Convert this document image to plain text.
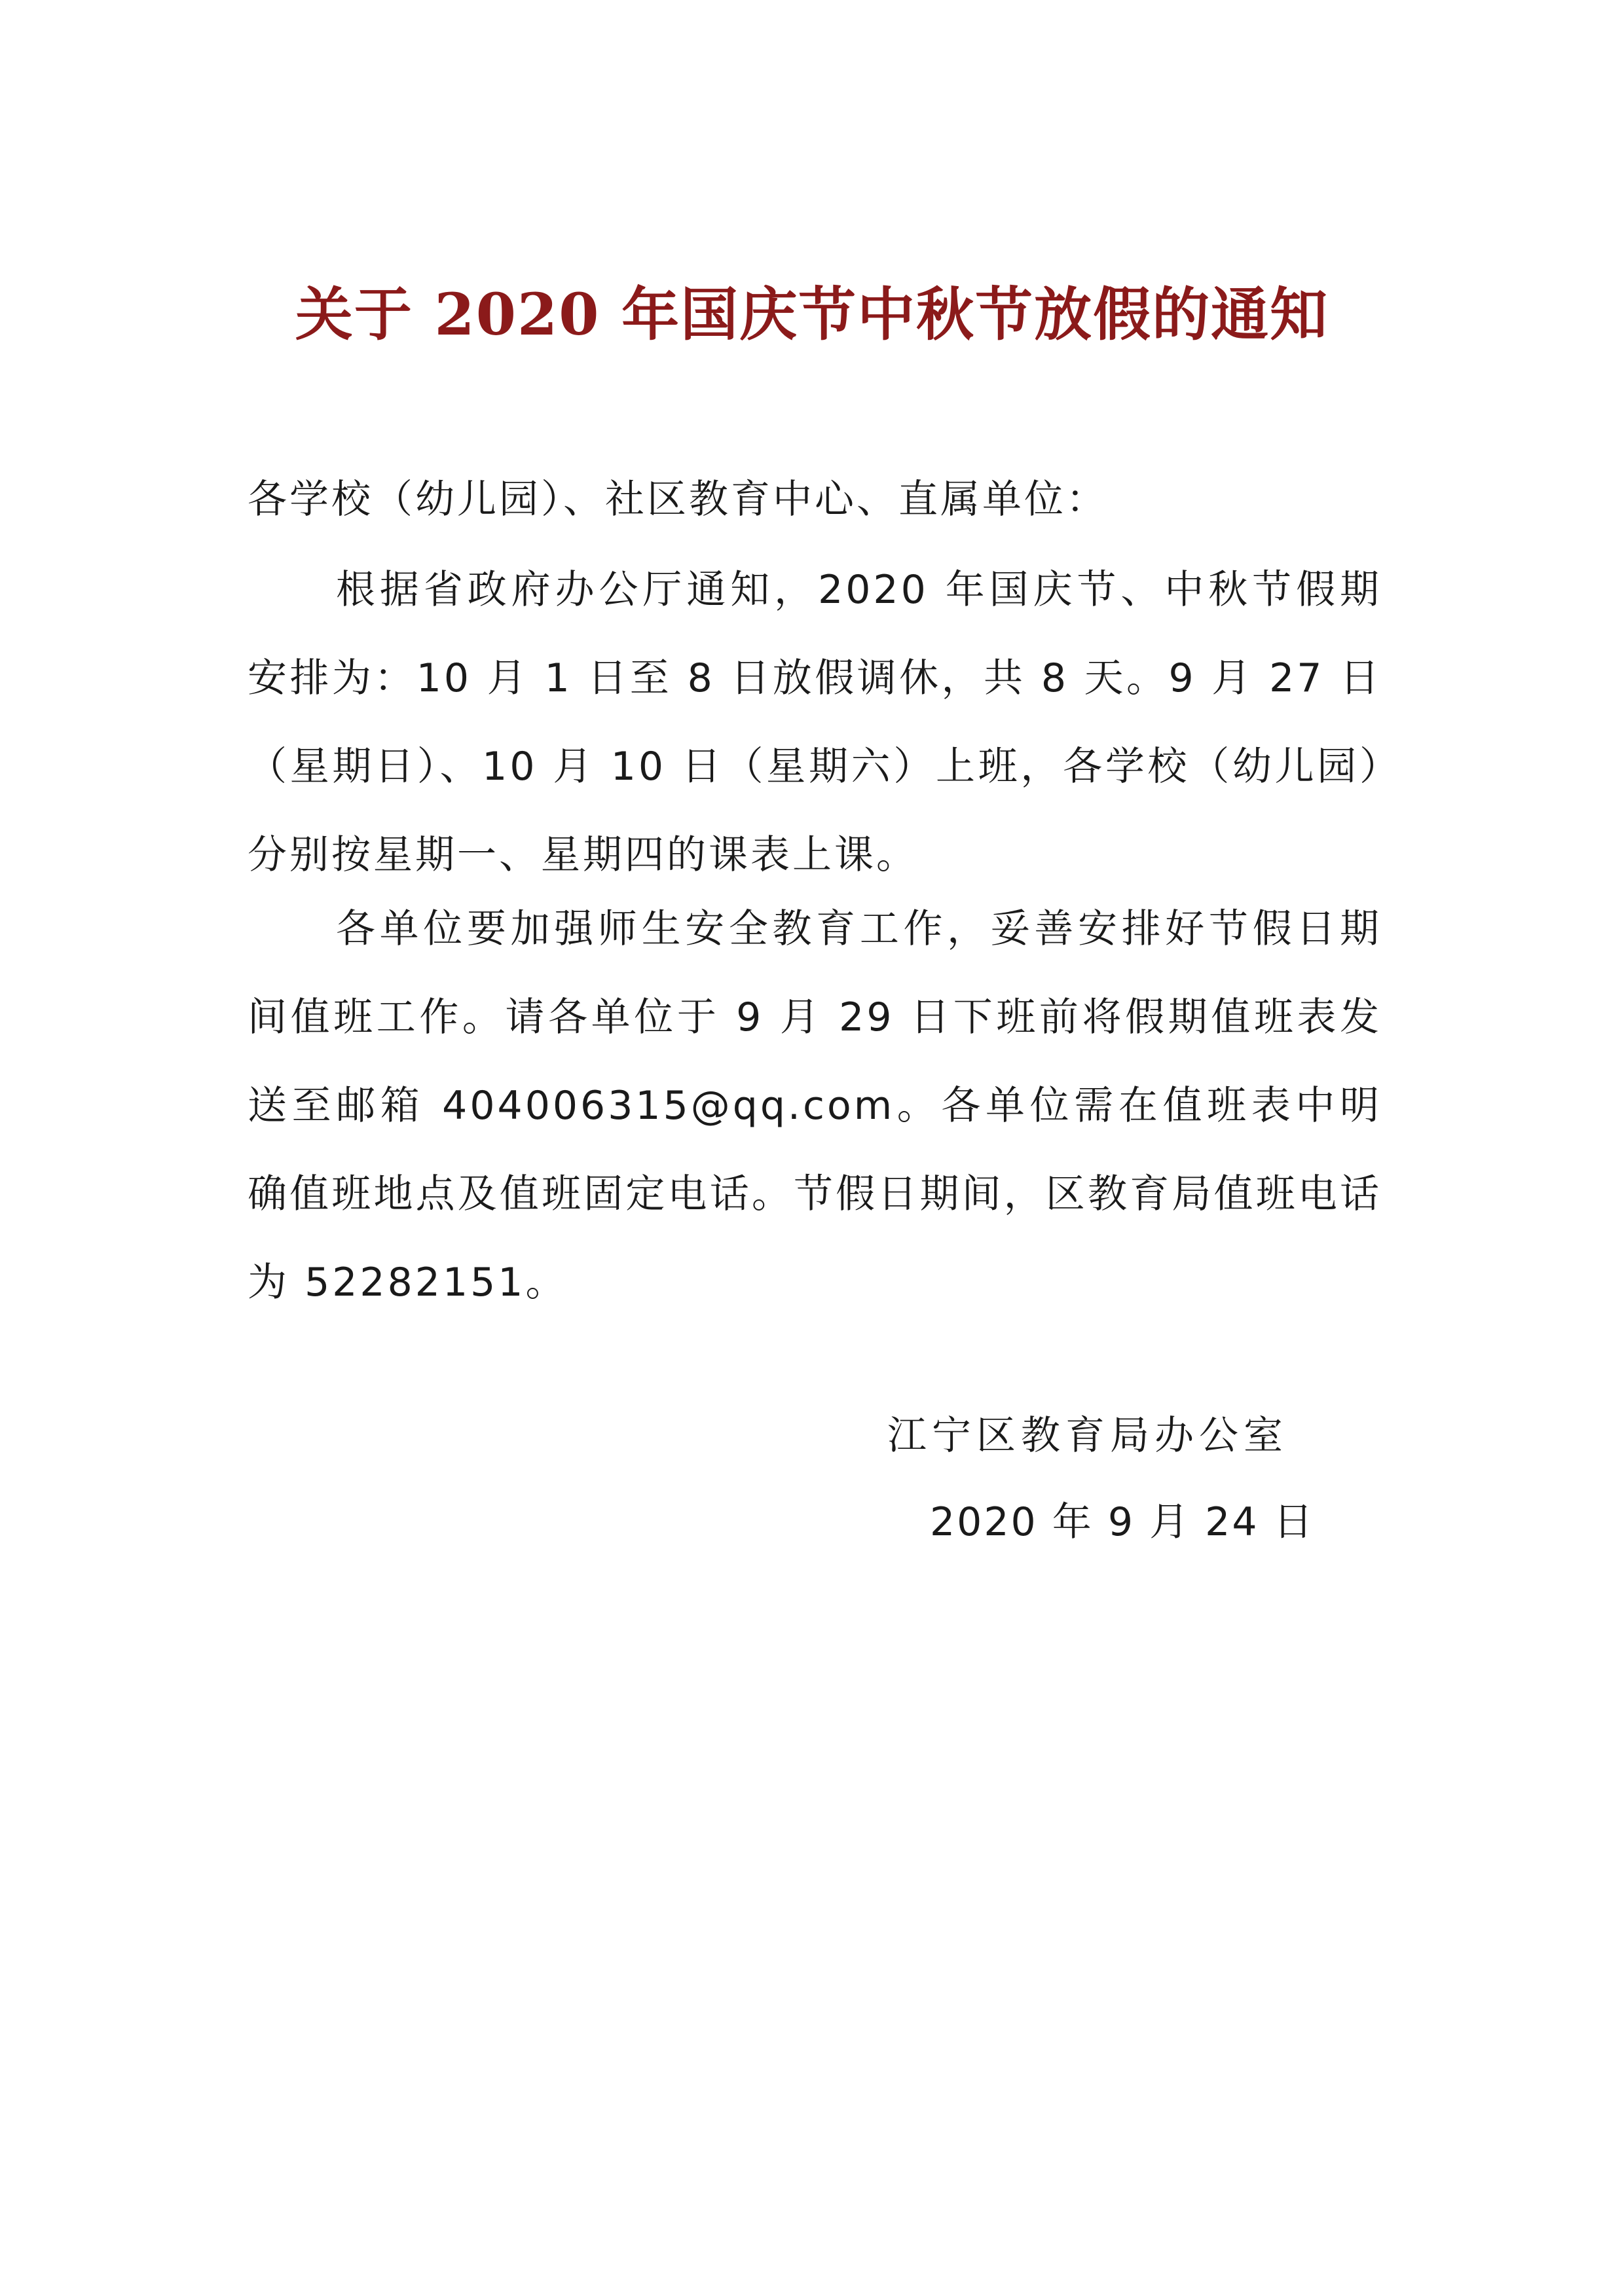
关于 2020 年国庆节中秋节放假的通知
各学校（幼儿园）、社区教育中心、直属单位：
根据省政府办公厅通知，2020 年国庆节、中秋节假期安排为：10 月 1 日至 8 日放假调休，共 8 天。9 月 27 日（星期日）、10 月 10 日（星期六）上班，各学校（幼儿园）分别按星期一、星期四的课表上课。
各单位要加强师生安全教育工作，妥善安排好节假日期间值班工作。请各单位于 9 月 29 日下班前将假期值班表发送至邮箱 404006315@qq.com。各单位需在值班表中明确值班地点及值班固定电话。节假日期间，区教育局值班电话为 52282151。
江宁区教育局办公室
2020 年 9 月 24 日
